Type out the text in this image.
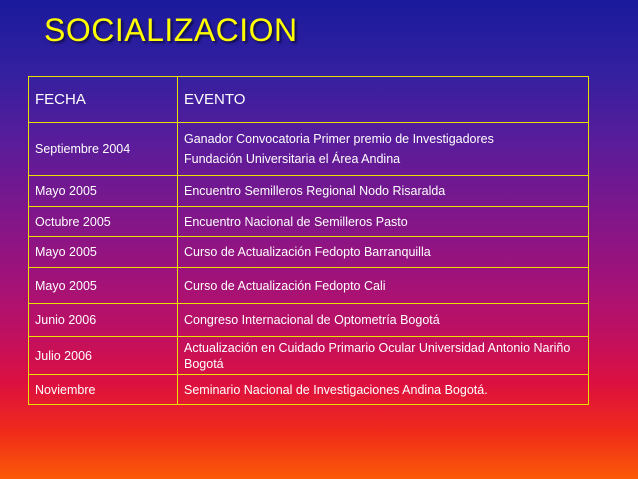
SOCIALIZACION
FECHA	EVENTO
Septiembre 2004	Ganador Convocatoria Primer premio de Investigadores
Fundación Universitaria el Área Andina

Mayo 2005	Encuentro Semilleros Regional Nodo Risaralda
Octubre 2005	Encuentro Nacional de Semilleros Pasto
Mayo 2005	Curso de Actualización Fedopto Barranquilla
Mayo 2005	Curso de Actualización Fedopto Cali
Junio 2006	Congreso Internacional de Optometría Bogotá
Julio 2006	Actualización en Cuidado Primario Ocular Universidad Antonio Nariño Bogotá
Noviembre	Seminario Nacional de Investigaciones Andina Bogotá.
